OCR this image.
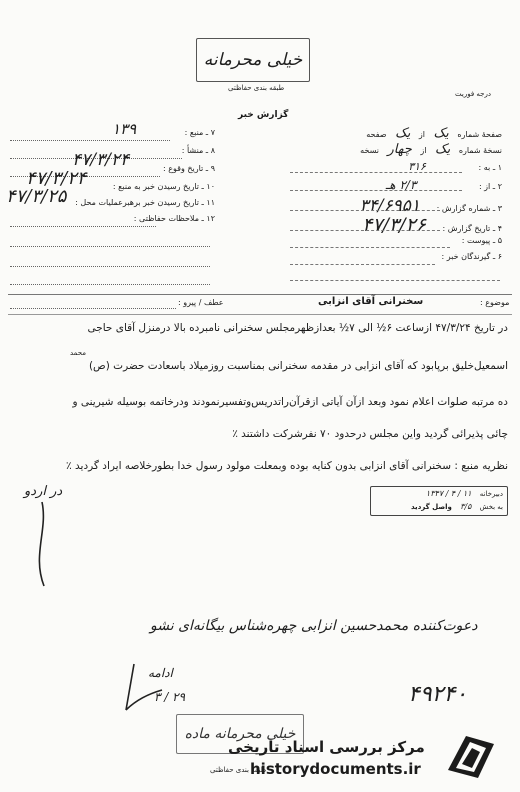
خیلی محرمانه
طبقه بندی حفاظتی
درجه فوریت
گزارش خبر
صفحهٔ شماره یک از یک صفحه
نسخهٔ شماره یک از چهار نسخه
۱ ـ به : ۳۱۶
۲ ـ از : ۲/۳ هـ
۳ ـ شماره گزارش : ۳۴/۶۹۵۱
۴ ـ تاریخ گزارش : ۴۷/۳/۲۶
۵ ـ پیوست :
۶ ـ گیرندگان خبر :
۷ ـ منبع :
۱۳۹
۸ ـ منشأ :
۹ ـ تاریخ وقوع :
۴۷/۳/۲۴
۱۰ ـ تاریخ رسیدن خبر به منبع :
۴۷/۳/۲۴
۱۱ ـ تاریخ رسیدن خبر برهبرعملیات محل :
۴۷/۳/۲۵
۱۲ ـ ملاحظات حفاظتی :
موضوع :
سخنرانی آقای انزابی
عطف / پیرو :
در تاریخ ۴۷/۳/۲۴ ازساعت ۶½ الی ۷½ بعدازظهرمجلس سخنرانی نامبرده بالا درمنزل آقای حاجی
محمد
اسمعیل‌خلیق برپابود که آقای انزابی در مقدمه سخنرانی بمناسبت روزمیلاد باسعادت حضرت (ص)
ده مرتبه صلوات اعلام نمود وبعد ازآن آیاتی ازقرآن‌راتدریس‌وتفسیرنمودند ودرخاتمه بوسیله شیرینی و
چائی پذیرائی گردید واین مجلس درحدود ۷۰ نفرشرکت داشتند ٪
نظریه منبع : سخنرانی آقای انزابی بدون کنایه بوده وبمعلت مولود رسول خدا بطورخلاصه ایراد گردید ٪
دبیرخانه ۱۱ / ۴ / ۱۳۴۷
به بخش ۳/۵ واصل گردید
در اردو
دعوت‌کننده محمدحسین انزابی چهره‌شناس بیگانه‌ای نشو
ادامه
۲۹ / ۳	۴۹۲۴۰
خیلی محرمانه ماده
طبقه بندی حفاظتی
مرکز بررسی اسناد تاریخی
historydocuments.ir
